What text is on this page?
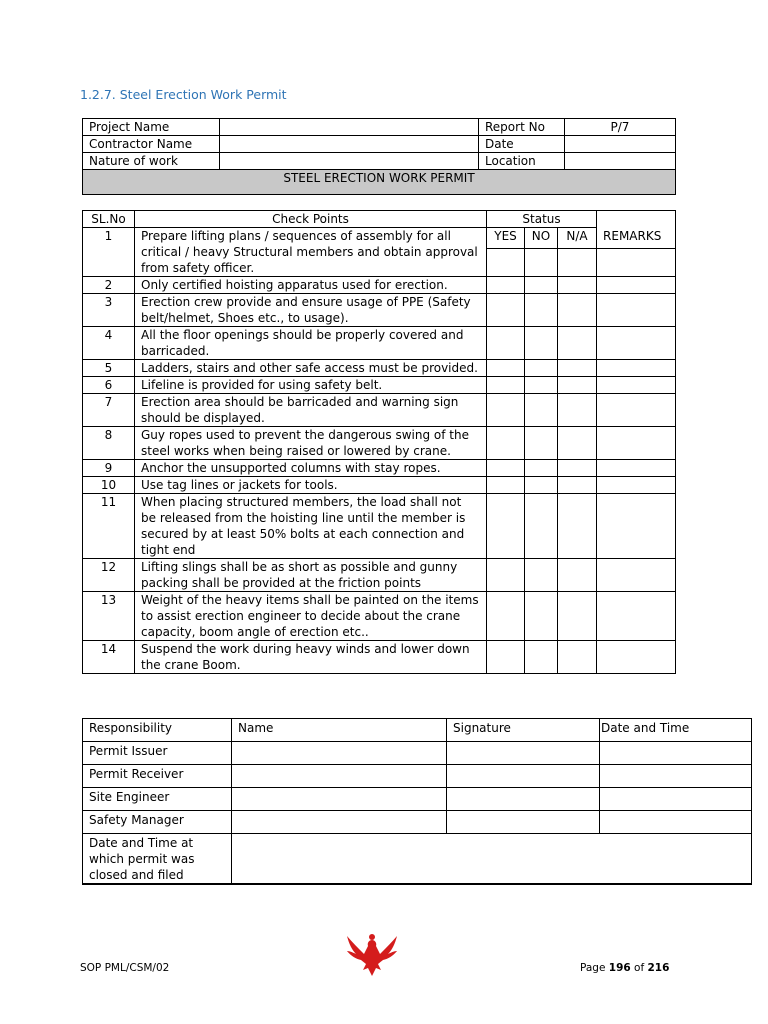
1.2.7. Steel Erection Work Permit
Project Name		Report No	P/7
Contractor Name		Date	
Nature of work		Location	
STEEL ERECTION WORK PERMIT			
SL.No	Check Points	Status			
1	Prepare lifting plans / sequences of assembly for all critical / heavy Structural members and obtain approval from safety officer.	YES	NO	N/A	REMARKS

2	Only certified hoisting apparatus used for erection.				
3	Erection crew provide and ensure usage of PPE (Safety belt/helmet, Shoes etc., to usage).				
4	All the floor openings should be properly covered and barricaded.				
5	Ladders, stairs and other safe access must be provided.				
6	Lifeline is provided for using safety belt.				
7	Erection area should be barricaded and warning sign should be displayed.				
8	Guy ropes used to prevent the dangerous swing of the steel works when being raised or lowered by crane.				
9	Anchor the unsupported columns with stay ropes.				
10	Use tag lines or jackets for tools.				
11	When placing structured members, the load shall not be released from the hoisting line until the member is secured by at least 50% bolts at each connection and tight end				
12	Lifting slings shall be as short as possible and gunny packing shall be provided at the friction points				
13	Weight of the heavy items shall be painted on the items to assist erection engineer to decide about the crane capacity, boom angle of erection etc..				
14	Suspend the work during heavy winds and lower down the crane Boom.				
Responsibility	Name	Signature	Date and Time
Permit Issuer			
Permit Receiver			
Site Engineer			
Safety Manager			
Date and Time at which permit was closed and filed			
SOP PML/CSM/02	Page 196 of 216
